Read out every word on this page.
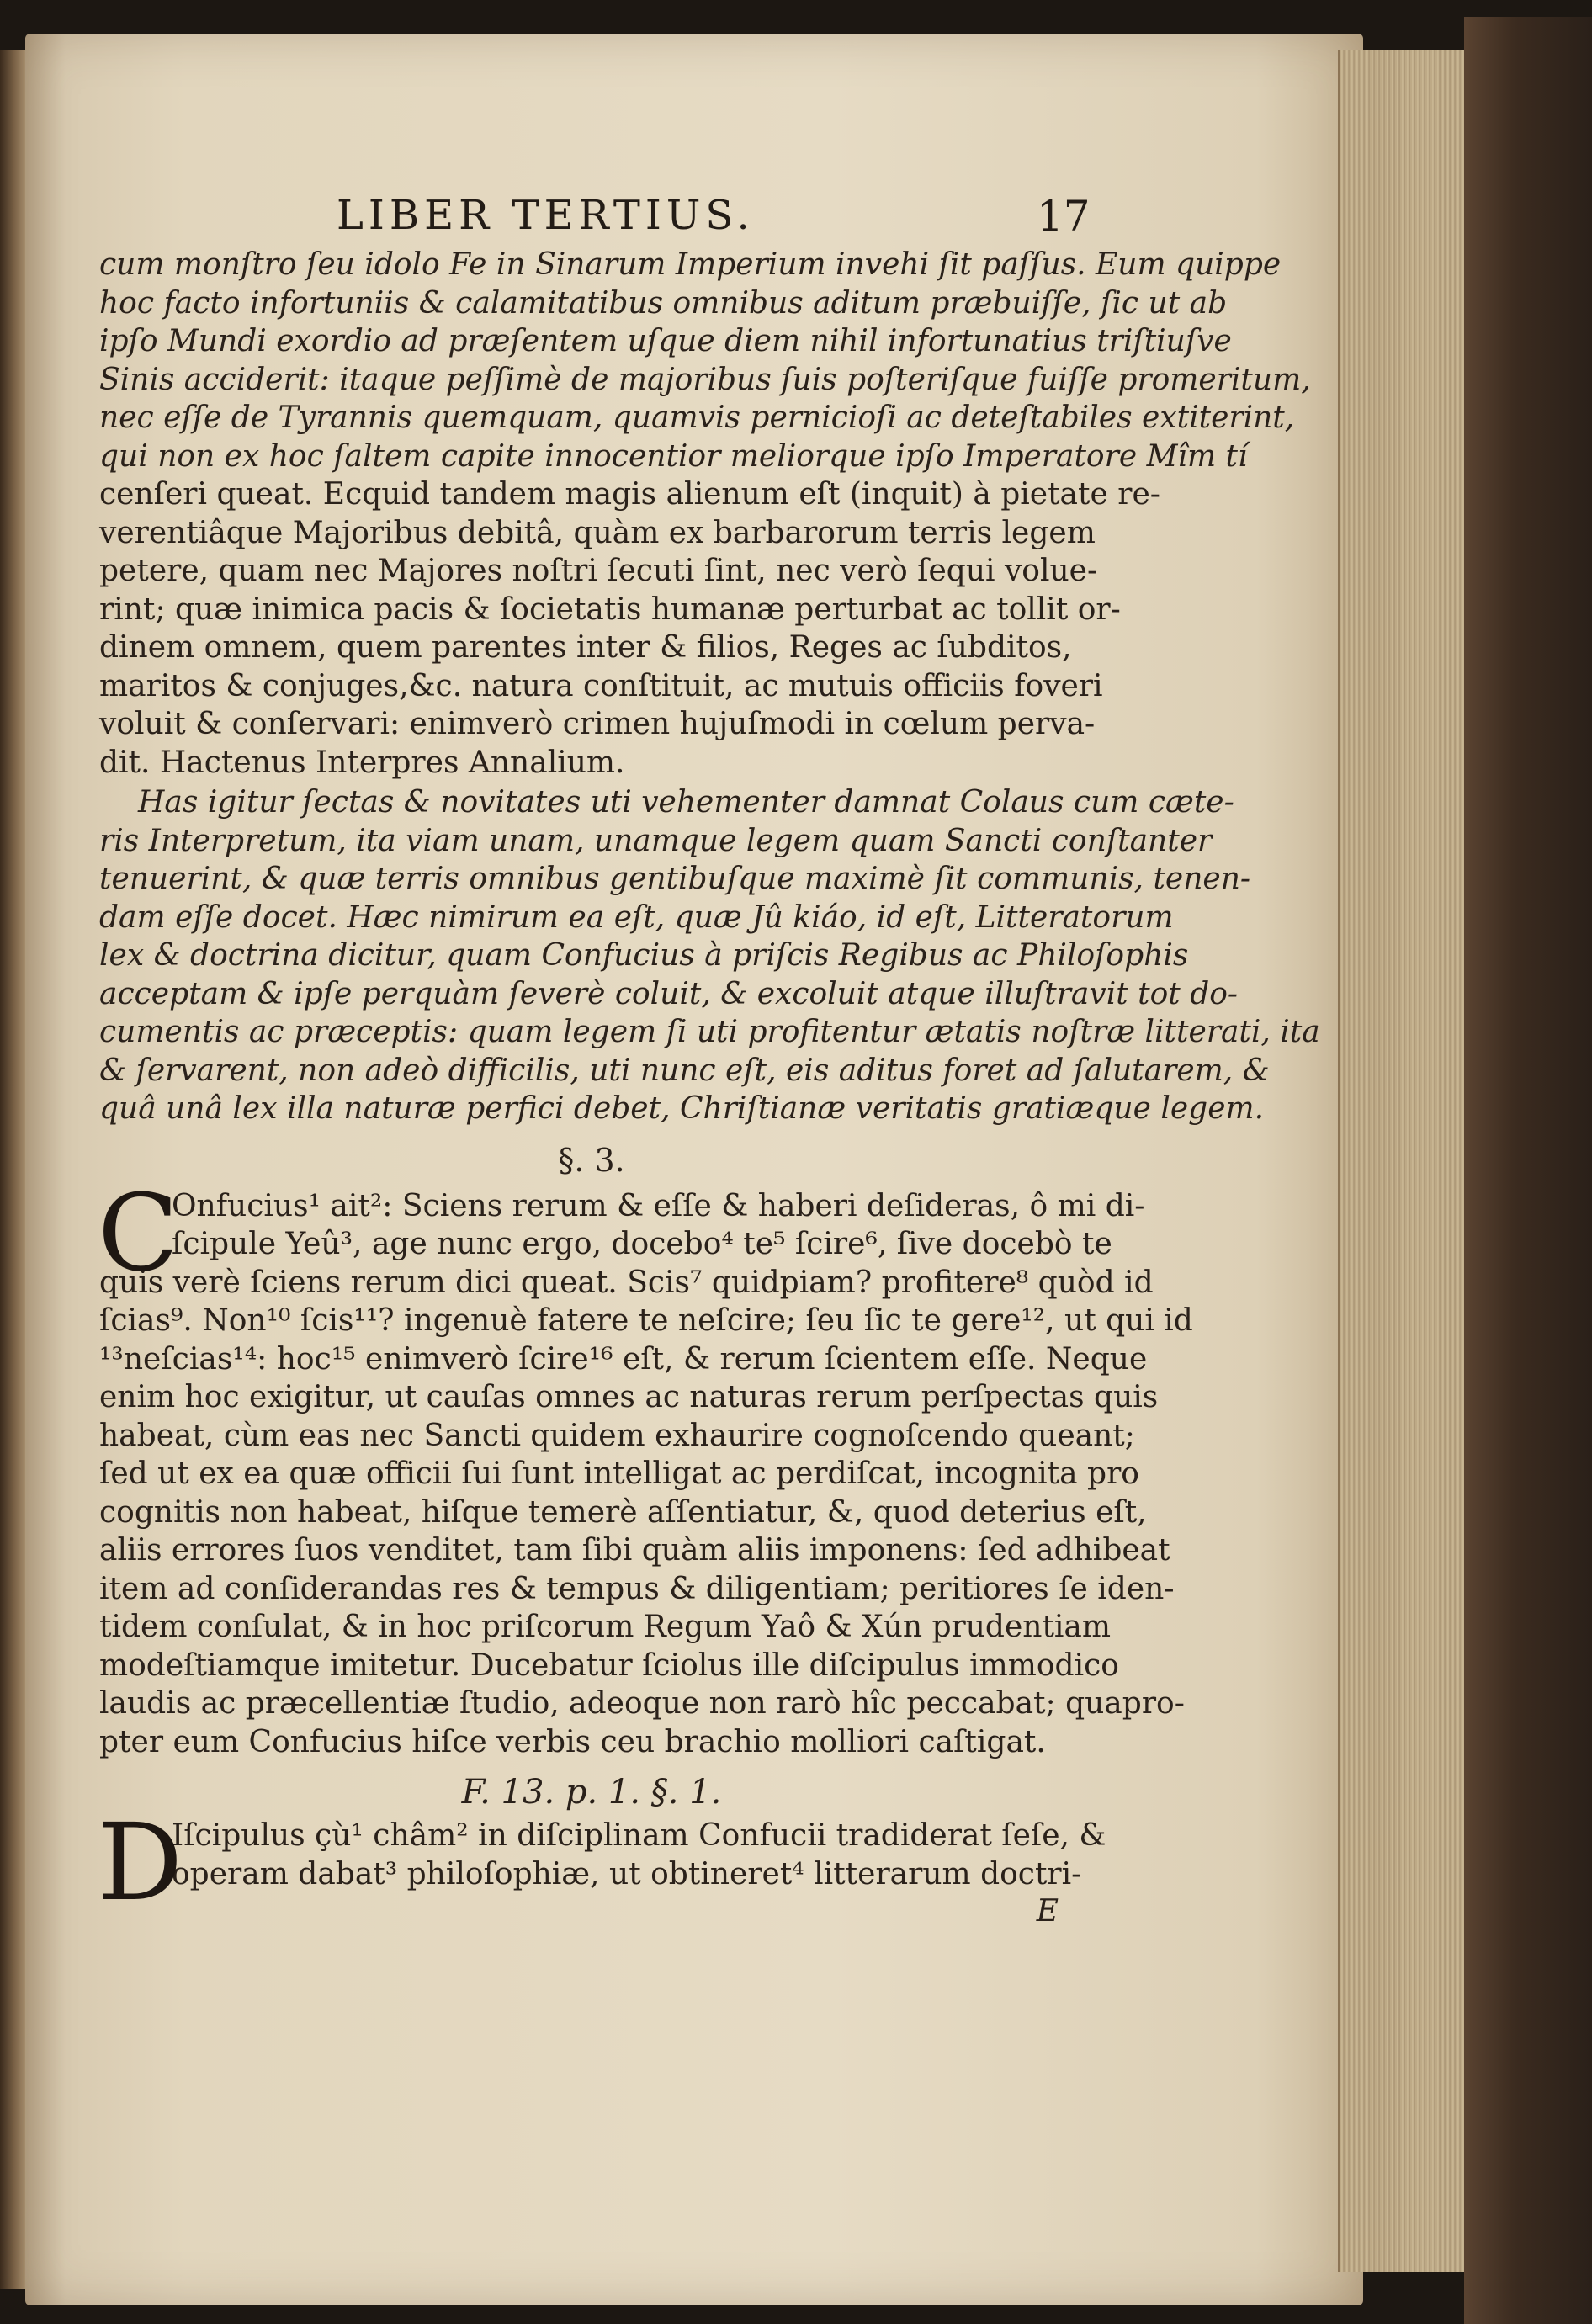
LIBER TERTIUS.	17
cum monſtro ſeu idolo Fe in Sinarum Imperium invehi ſit paſſus. Eum quippe
hoc facto infortuniis & calamitatibus omnibus aditum præbuiſſe, ſic ut ab
ipſo Mundi exordio ad præſentem uſque diem nihil infortunatius triſtiuſve
Sinis acciderit: itaque peſſimè de majoribus ſuis poſteriſque fuiſſe promeritum,
nec eſſe de Tyrannis quemquam, quamvis pernicioſi ac deteſtabiles extiterint,
qui non ex hoc ſaltem capite innocentior meliorque ipſo Imperatore Mîm tí
cenſeri queat. Ecquid tandem magis alienum eſt (inquit) à pietate re-
verentiâque Majoribus debitâ, quàm ex barbarorum terris legem
petere, quam nec Majores noſtri ſecuti ſint, nec verò ſequi volue-
rint; quæ inimica pacis & ſocietatis humanæ perturbat ac tollit or-
dinem omnem, quem parentes inter & filios, Reges ac ſubditos,
maritos & conjuges,&c. natura conſtituit, ac mutuis officiis foveri
voluit & conſervari: enimverò crimen hujuſmodi in cœlum perva-
dit. Hactenus Interpres Annalium.
Has igitur ſectas & novitates uti vehementer damnat Colaus cum cæte-
ris Interpretum, ita viam unam, unamque legem quam Sancti conſtanter
tenuerint, & quæ terris omnibus gentibuſque maximè ſit communis, tenen-
dam eſſe docet. Hæc nimirum ea eſt, quæ Jû kiáo, id eſt, Litteratorum
lex & doctrina dicitur, quam Confucius à priſcis Regibus ac Philoſophis
acceptam & ipſe perquàm ſeverè coluit, & excoluit atque illuſtravit tot do-
cumentis ac præceptis: quam legem ſi uti profitentur ætatis noſtræ litterati, ita
& ſervarent, non adeò difficilis, uti nunc eſt, eis aditus foret ad ſalutarem, &
quâ unâ lex illa naturæ perfici debet, Chriſtianæ veritatis gratiæque legem.
§. 3.
C
Onfucius¹ ait²: Sciens rerum & eſſe & haberi deſideras, ô mi di-
ſcipule Yeû³, age nunc ergo, docebo⁴ te⁵ ſcire⁶, ſive docebò te
quis verè ſciens rerum dici queat. Scis⁷ quidpiam? profitere⁸ quòd id
ſcias⁹. Non¹⁰ ſcis¹¹? ingenuè fatere te neſcire; ſeu ſic te gere¹², ut qui id
¹³neſcias¹⁴: hoc¹⁵ enimverò ſcire¹⁶ eſt, & rerum ſcientem eſſe. Neque
enim hoc exigitur, ut cauſas omnes ac naturas rerum perſpectas quis
habeat, cùm eas nec Sancti quidem exhaurire cognoſcendo queant;
ſed ut ex ea quæ officii ſui ſunt intelligat ac perdiſcat, incognita pro
cognitis non habeat, hiſque temerè aſſentiatur, &, quod deterius eſt,
aliis errores ſuos venditet, tam ſibi quàm aliis imponens: ſed adhibeat
item ad conſiderandas res & tempus & diligentiam; peritiores ſe iden-
tidem conſulat, & in hoc priſcorum Regum Yaô & Xún prudentiam
modeſtiamque imitetur. Ducebatur ſciolus ille diſcipulus immodico
laudis ac præcellentiæ ſtudio, adeoque non rarò hîc peccabat; quapro-
pter eum Confucius hiſce verbis ceu brachio molliori caſtigat.
F. 13. p. 1. §. 1.
D
Iſcipulus çù¹ châm² in diſciplinam Confucii tradiderat ſeſe, &
operam dabat³ philoſophiæ, ut obtineret⁴ litterarum doctri-
E
